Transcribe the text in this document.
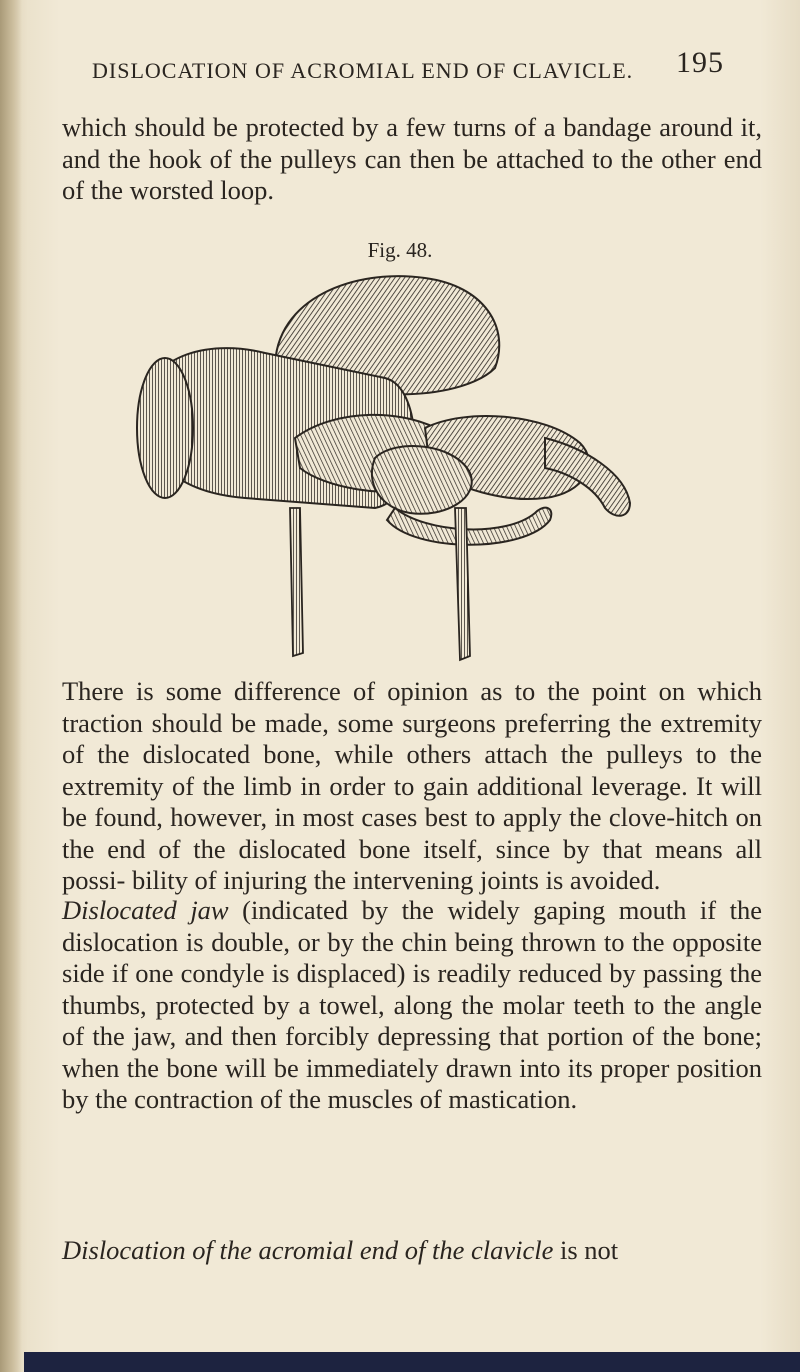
DISLOCATION OF ACROMIAL END OF CLAVICLE. 195

which should be protected by a few turns of a bandage around it, and the hook of the pulleys can then be attached to the other end of the worsted loop.

Fig. 48.

There is some difference of opinion as to the point on which traction should be made, some surgeons preferring the extremity of the dislocated bone, while others attach the pulleys to the extremity of the limb in order to gain additional leverage. It will be found, however, in most cases best to apply the clove-hitch on the end of the dislocated bone itself, since by that means all possi- bility of injuring the intervening joints is avoided.

Dislocated jaw (indicated by the widely gaping mouth if the dislocation is double, or by the chin being thrown to the opposite side if one condyle is displaced) is readily reduced by passing the thumbs, protected by a towel, along the molar teeth to the angle of the jaw, and then forcibly depressing that portion of the bone; when the bone will be immediately drawn into its proper position by the contraction of the muscles of mastication.

Dislocation of the acromial end of the clavicle is not
